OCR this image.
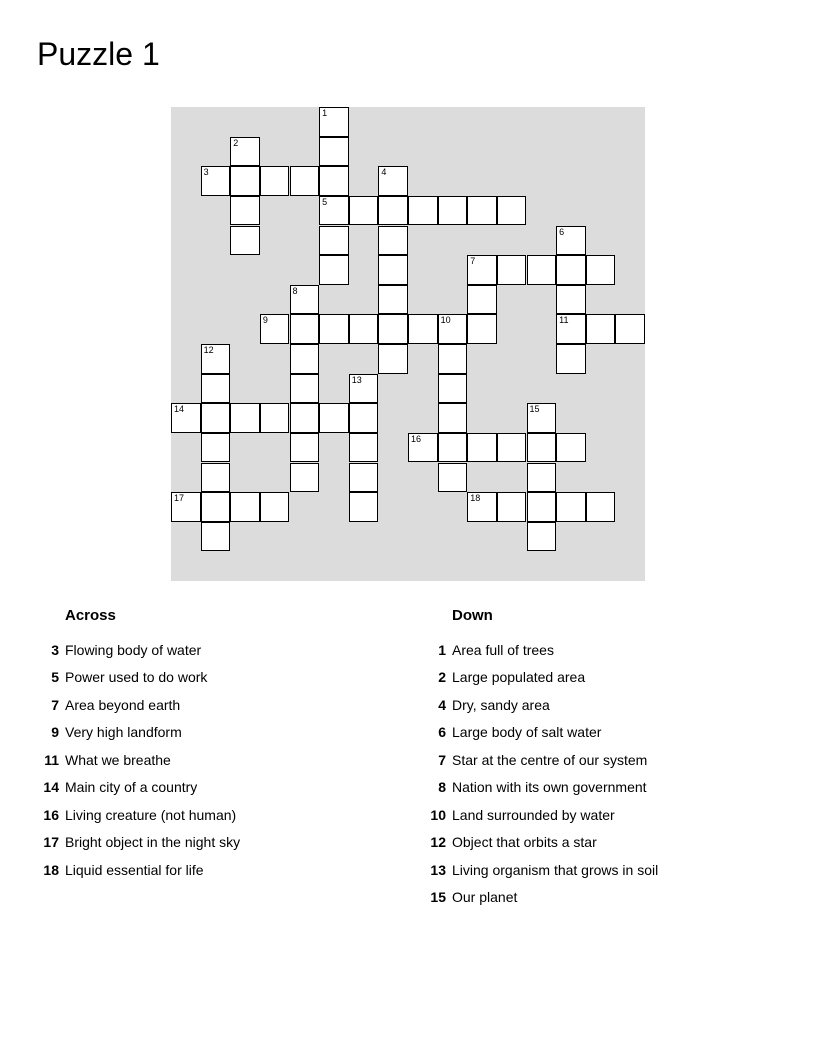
Puzzle 1
1
5
2
3	4
6
11
7
8
9	10
12
13
14	15
16
17	18
Across
3 Flowing body of water
5 Power used to do work
7 Area beyond earth
9 Very high landform
11 What we breathe
14 Main city of a country
16 Living creature (not human)
17 Bright object in the night sky
18 Liquid essential for life
Down
1 Area full of trees
2 Large populated area
4 Dry, sandy area
6 Large body of salt water
7 Star at the centre of our system
8 Nation with its own government
10 Land surrounded by water
12 Object that orbits a star
13 Living organism that grows in soil
15 Our planet
